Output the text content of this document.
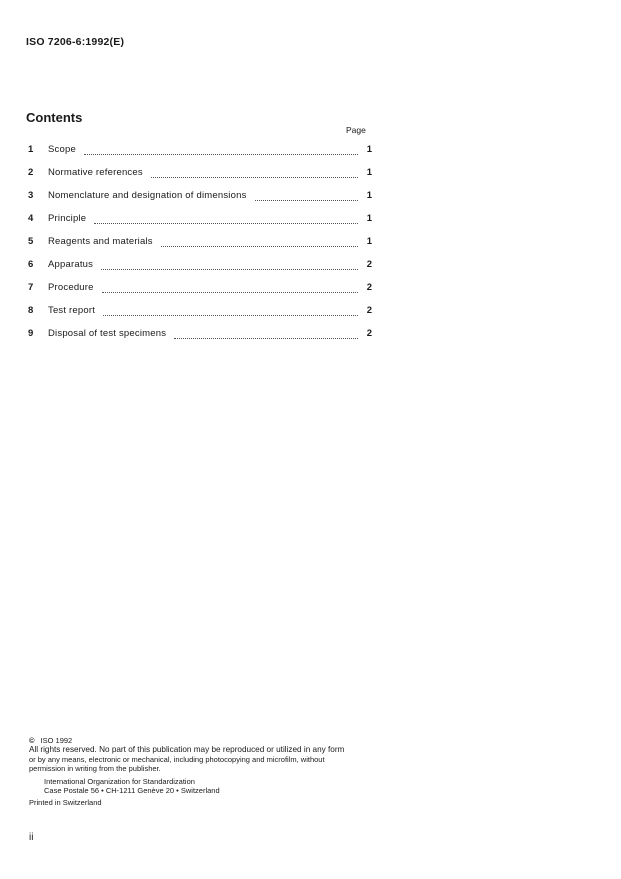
ISO 7206-6:1992(E)
Contents
Page
1	Scope	1
2	Normative references	1
3	Nomenclature and designation of dimensions	1
4	Principle	1
5	Reagents and materials	1
6	Apparatus	2
7	Procedure	2
8	Test report	2
9	Disposal of test specimens	2
© ISO 1992
All rights reserved. No part of this publication may be reproduced or utilized in any form
or by any means, electronic or mechanical, including photocopying and microfilm, without
permission in writing from the publisher.
International Organization for Standardization
Case Postale 56 • CH-1211 Genève 20 • Switzerland
Printed in Switzerland
ii
